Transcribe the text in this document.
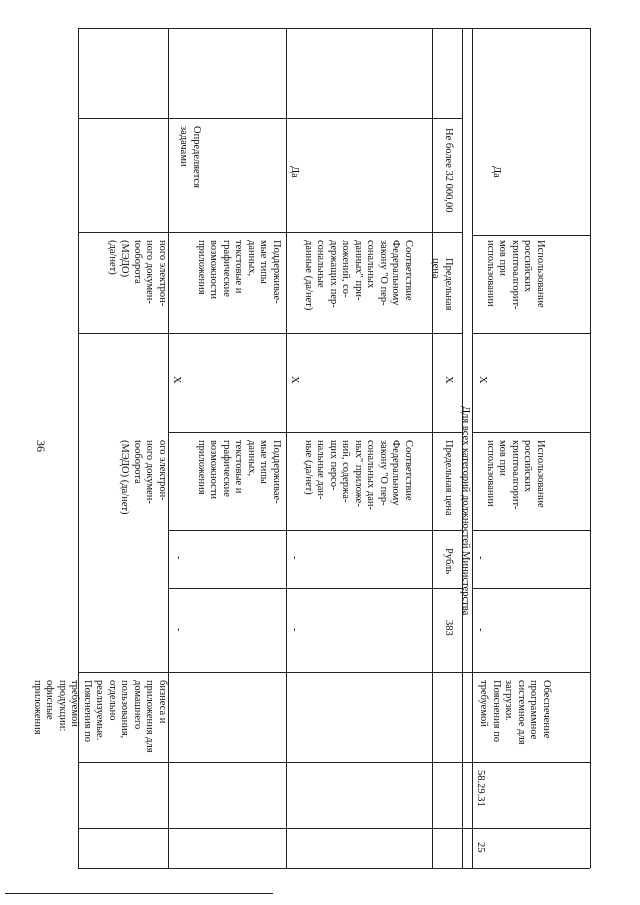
36
бизнеса и
приложения для
домашнего
пользования,
отдельно
реализуемые.
Пояснения по
требуемой
продукции:
офисные
приложения
ого электрон-
ного докумен-
tooборота
(МЭДО) (да/нет)
ного электрон-
ного докумен-
tooборота
(МЭДО)
(да/нет)
-
-
Поддерживае-
мые типы
данных,
текстовые и
графические
возможности
приложения
X
Поддерживае-
мые типы
данных,
текстовые и
графические
возможности
приложения
Определяется
задачами
-
-
Соответствие
Федеральному
закону "О пер-
сональных дан-
ных" приложе-
ний, содержа-
щих персо-
нальные дан-
ные (да/нет)
X
Соответствие
Федеральному
закону "О пер-
сональных
данных" при-
ложений, со-
держащих пер-
сональные
данные (да/нет)
Да
383
Рубль
Предельная цена
X
Предельная
цена
Не более 32 000,00
Для всех категорий должностей Министерства
25
58.29.31
Обеспечение
программное
системное для
загрузки.
Пояснения по
требуемой
-
-
Использование
российских
криптоалгорит-
мов при
использовании
X
Использование
российских
криптоалгорит-
мов при
использовании
Да
